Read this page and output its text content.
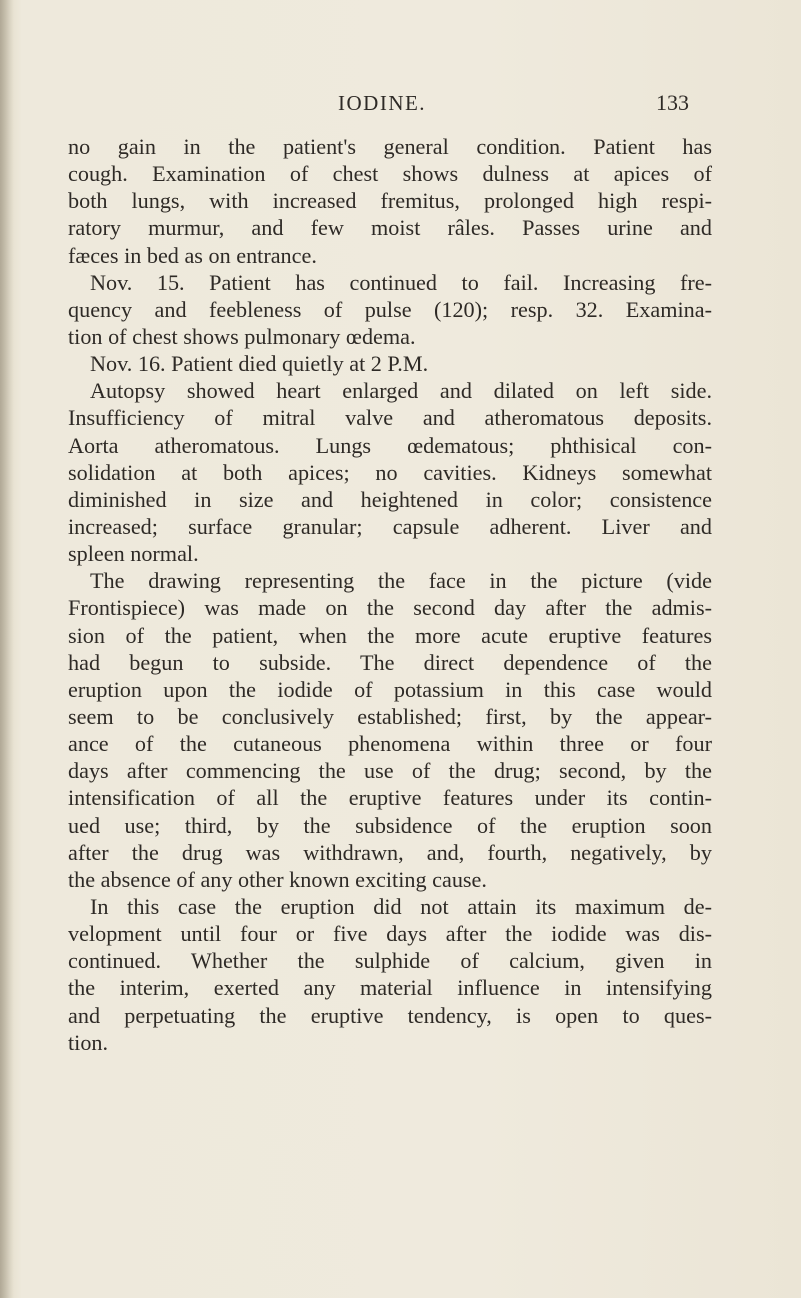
IODINE.	133
no gain in the patient's general condition. Patient has
cough. Examination of chest shows dulness at apices of
both lungs, with increased fremitus, prolonged high respi-
ratory murmur, and few moist râles. Passes urine and
fæces in bed as on entrance.
Nov. 15. Patient has continued to fail. Increasing fre-
quency and feebleness of pulse (120); resp. 32. Examina-
tion of chest shows pulmonary œdema.
Nov. 16. Patient died quietly at 2 P.M.
Autopsy showed heart enlarged and dilated on left side.
Insufficiency of mitral valve and atheromatous deposits.
Aorta atheromatous. Lungs œdematous; phthisical con-
solidation at both apices; no cavities. Kidneys somewhat
diminished in size and heightened in color; consistence
increased; surface granular; capsule adherent. Liver and
spleen normal.
The drawing representing the face in the picture (vide
Frontispiece) was made on the second day after the admis-
sion of the patient, when the more acute eruptive features
had begun to subside. The direct dependence of the
eruption upon the iodide of potassium in this case would
seem to be conclusively established; first, by the appear-
ance of the cutaneous phenomena within three or four
days after commencing the use of the drug; second, by the
intensification of all the eruptive features under its contin-
ued use; third, by the subsidence of the eruption soon
after the drug was withdrawn, and, fourth, negatively, by
the absence of any other known exciting cause.
In this case the eruption did not attain its maximum de-
velopment until four or five days after the iodide was dis-
continued. Whether the sulphide of calcium, given in
the interim, exerted any material influence in intensifying
and perpetuating the eruptive tendency, is open to ques-
tion.
